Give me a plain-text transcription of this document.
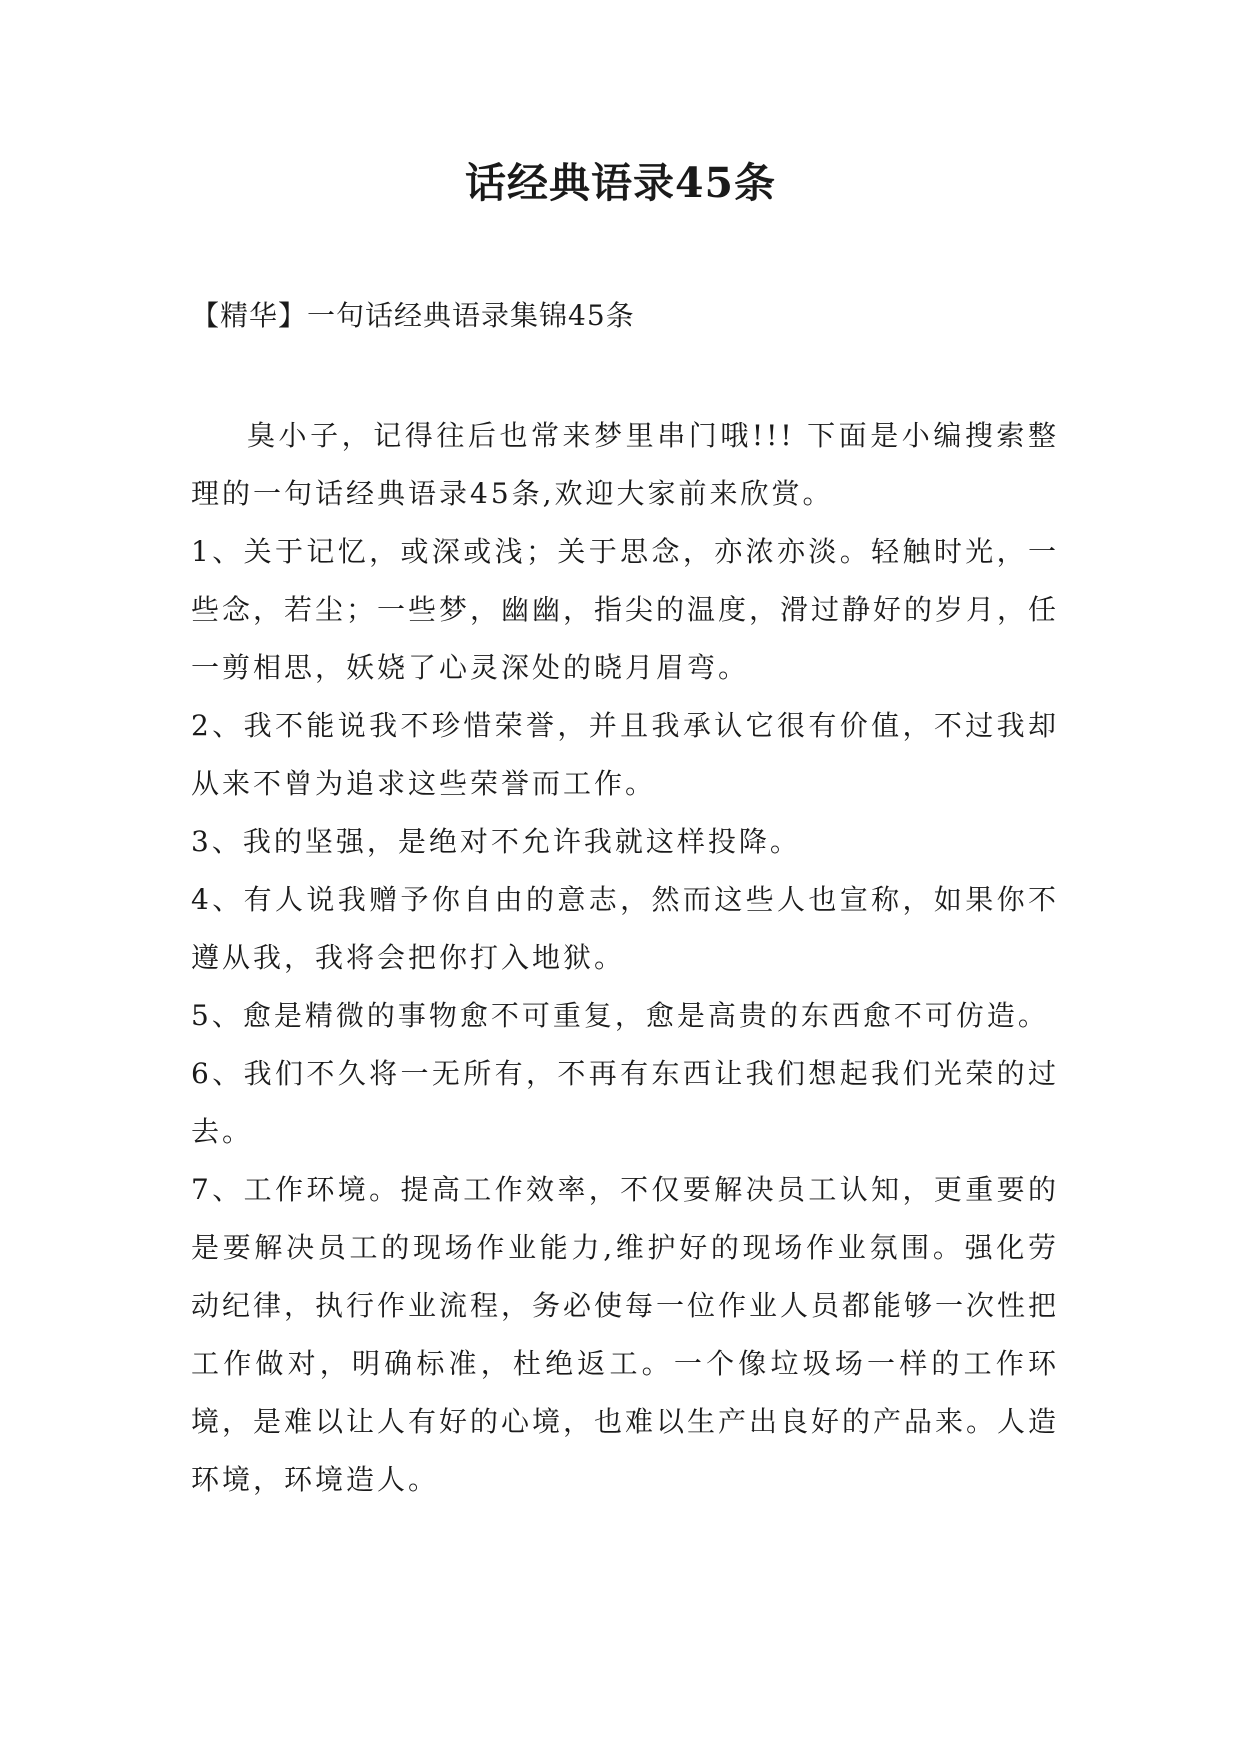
话经典语录45条

【精华】一句话经典语录集锦45条

臭小子，记得往后也常来梦里串门哦!!! 下面是小编搜索整理的一句话经典语录45条,欢迎大家前来欣赏。

1、关于记忆，或深或浅；关于思念，亦浓亦淡。轻触时光，一些念，若尘；一些梦，幽幽，指尖的温度，滑过静好的岁月，任一剪相思，妖娆了心灵深处的晓月眉弯。

2、我不能说我不珍惜荣誉，并且我承认它很有价值，不过我却从来不曾为追求这些荣誉而工作。

3、我的坚强，是绝对不允许我就这样投降。

4、有人说我赠予你自由的意志，然而这些人也宣称，如果你不遵从我，我将会把你打入地狱。

5、愈是精微的事物愈不可重复，愈是高贵的东西愈不可仿造。

6、我们不久将一无所有，不再有东西让我们想起我们光荣的过去。

7、工作环境。提高工作效率，不仅要解决员工认知，更重要的是要解决员工的现场作业能力,维护好的现场作业氛围。强化劳动纪律，执行作业流程，务必使每一位作业人员都能够一次性把工作做对，明确标准，杜绝返工。一个像垃圾场一样的工作环境，是难以让人有好的心境，也难以生产出良好的产品来。人造环境，环境造人。
